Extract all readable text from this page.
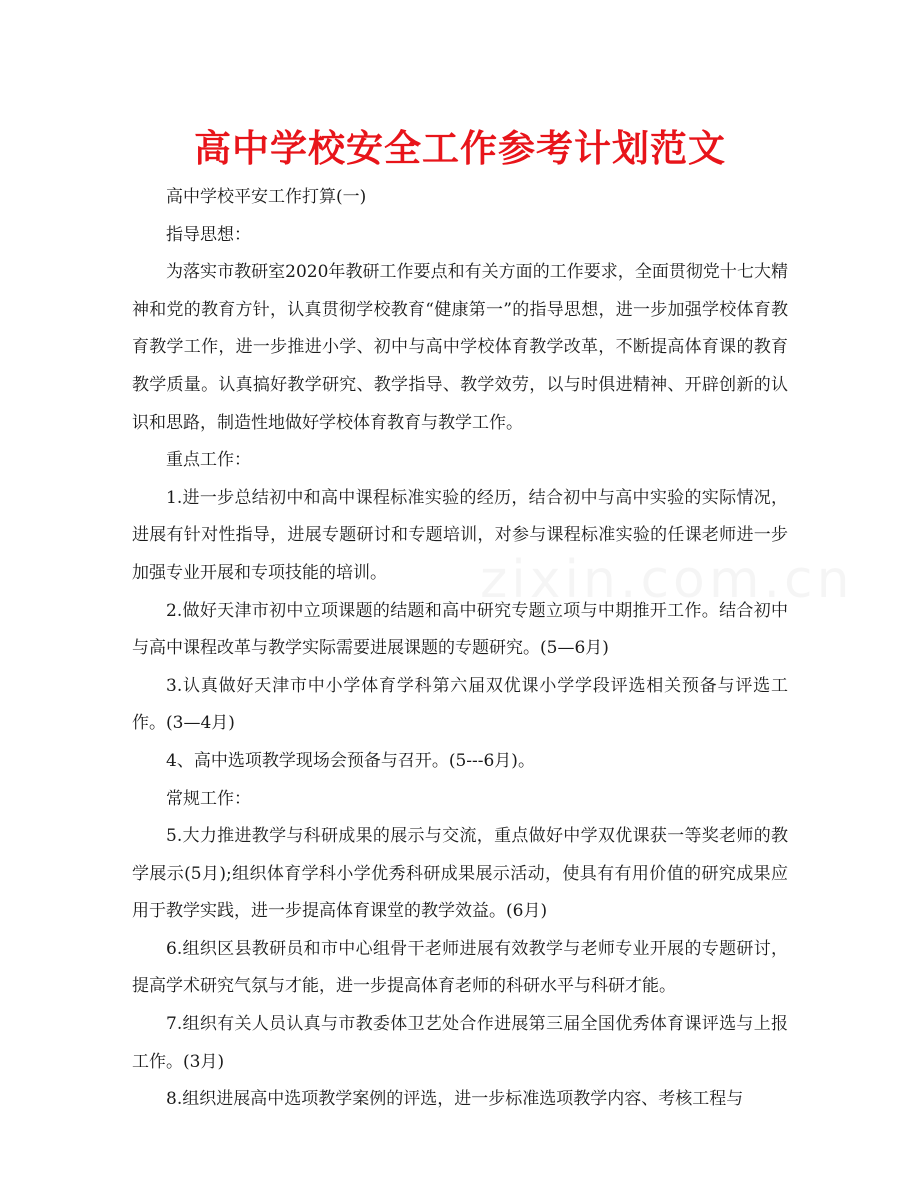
高中学校安全工作参考计划范文

高中学校平安工作打算(一)

指导思想：

为落实市教研室2020年教研工作要点和有关方面的工作要求，全面贯彻党十七大精神和党的教育方针，认真贯彻学校教育“健康第一”的指导思想，进一步加强学校体育教育教学工作，进一步推进小学、初中与高中学校体育教学改革，不断提高体育课的教育教学质量。认真搞好教学研究、教学指导、教学效劳，以与时俱进精神、开辟创新的认识和思路，制造性地做好学校体育教育与教学工作。

重点工作：

1.进一步总结初中和高中课程标准实验的经历，结合初中与高中实验的实际情况，进展有针对性指导，进展专题研讨和专题培训，对参与课程标准实验的任课老师进一步加强专业开展和专项技能的培训。

2.做好天津市初中立项课题的结题和高中研究专题立项与中期推开工作。结合初中与高中课程改革与教学实际需要进展课题的专题研究。(5—6月)

3.认真做好天津市中小学体育学科第六届双优课小学学段评选相关预备与评选工作。(3—4月)

4、高中选项教学现场会预备与召开。(5---6月)。

常规工作：

5.大力推进教学与科研成果的展示与交流，重点做好中学双优课获一等奖老师的教学展示(5月);组织体育学科小学优秀科研成果展示活动，使具有有用价值的研究成果应用于教学实践，进一步提高体育课堂的教学效益。(6月)

6.组织区县教研员和市中心组骨干老师进展有效教学与老师专业开展的专题研讨，提高学术研究气氛与才能，进一步提高体育老师的科研水平与科研才能。

7.组织有关人员认真与市教委体卫艺处合作进展第三届全国优秀体育课评选与上报工作。(3月)

8.组织进展高中选项教学案例的评选，进一步标准选项教学内容、考核工程与
